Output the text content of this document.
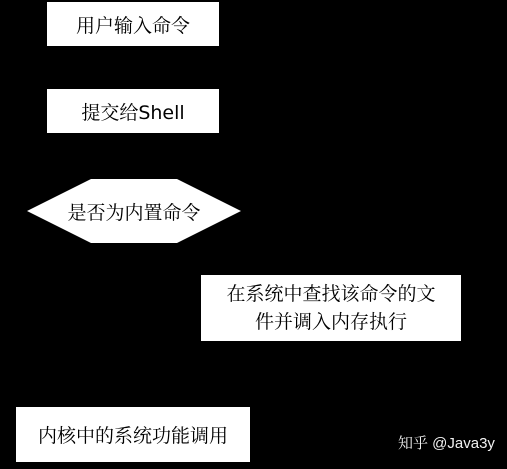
用户输入命令
提交给Shell
是否为内置命令
在系统中查找该命令的文
件并调入内存执行
内核中的系统功能调用	知乎 @Java3y
